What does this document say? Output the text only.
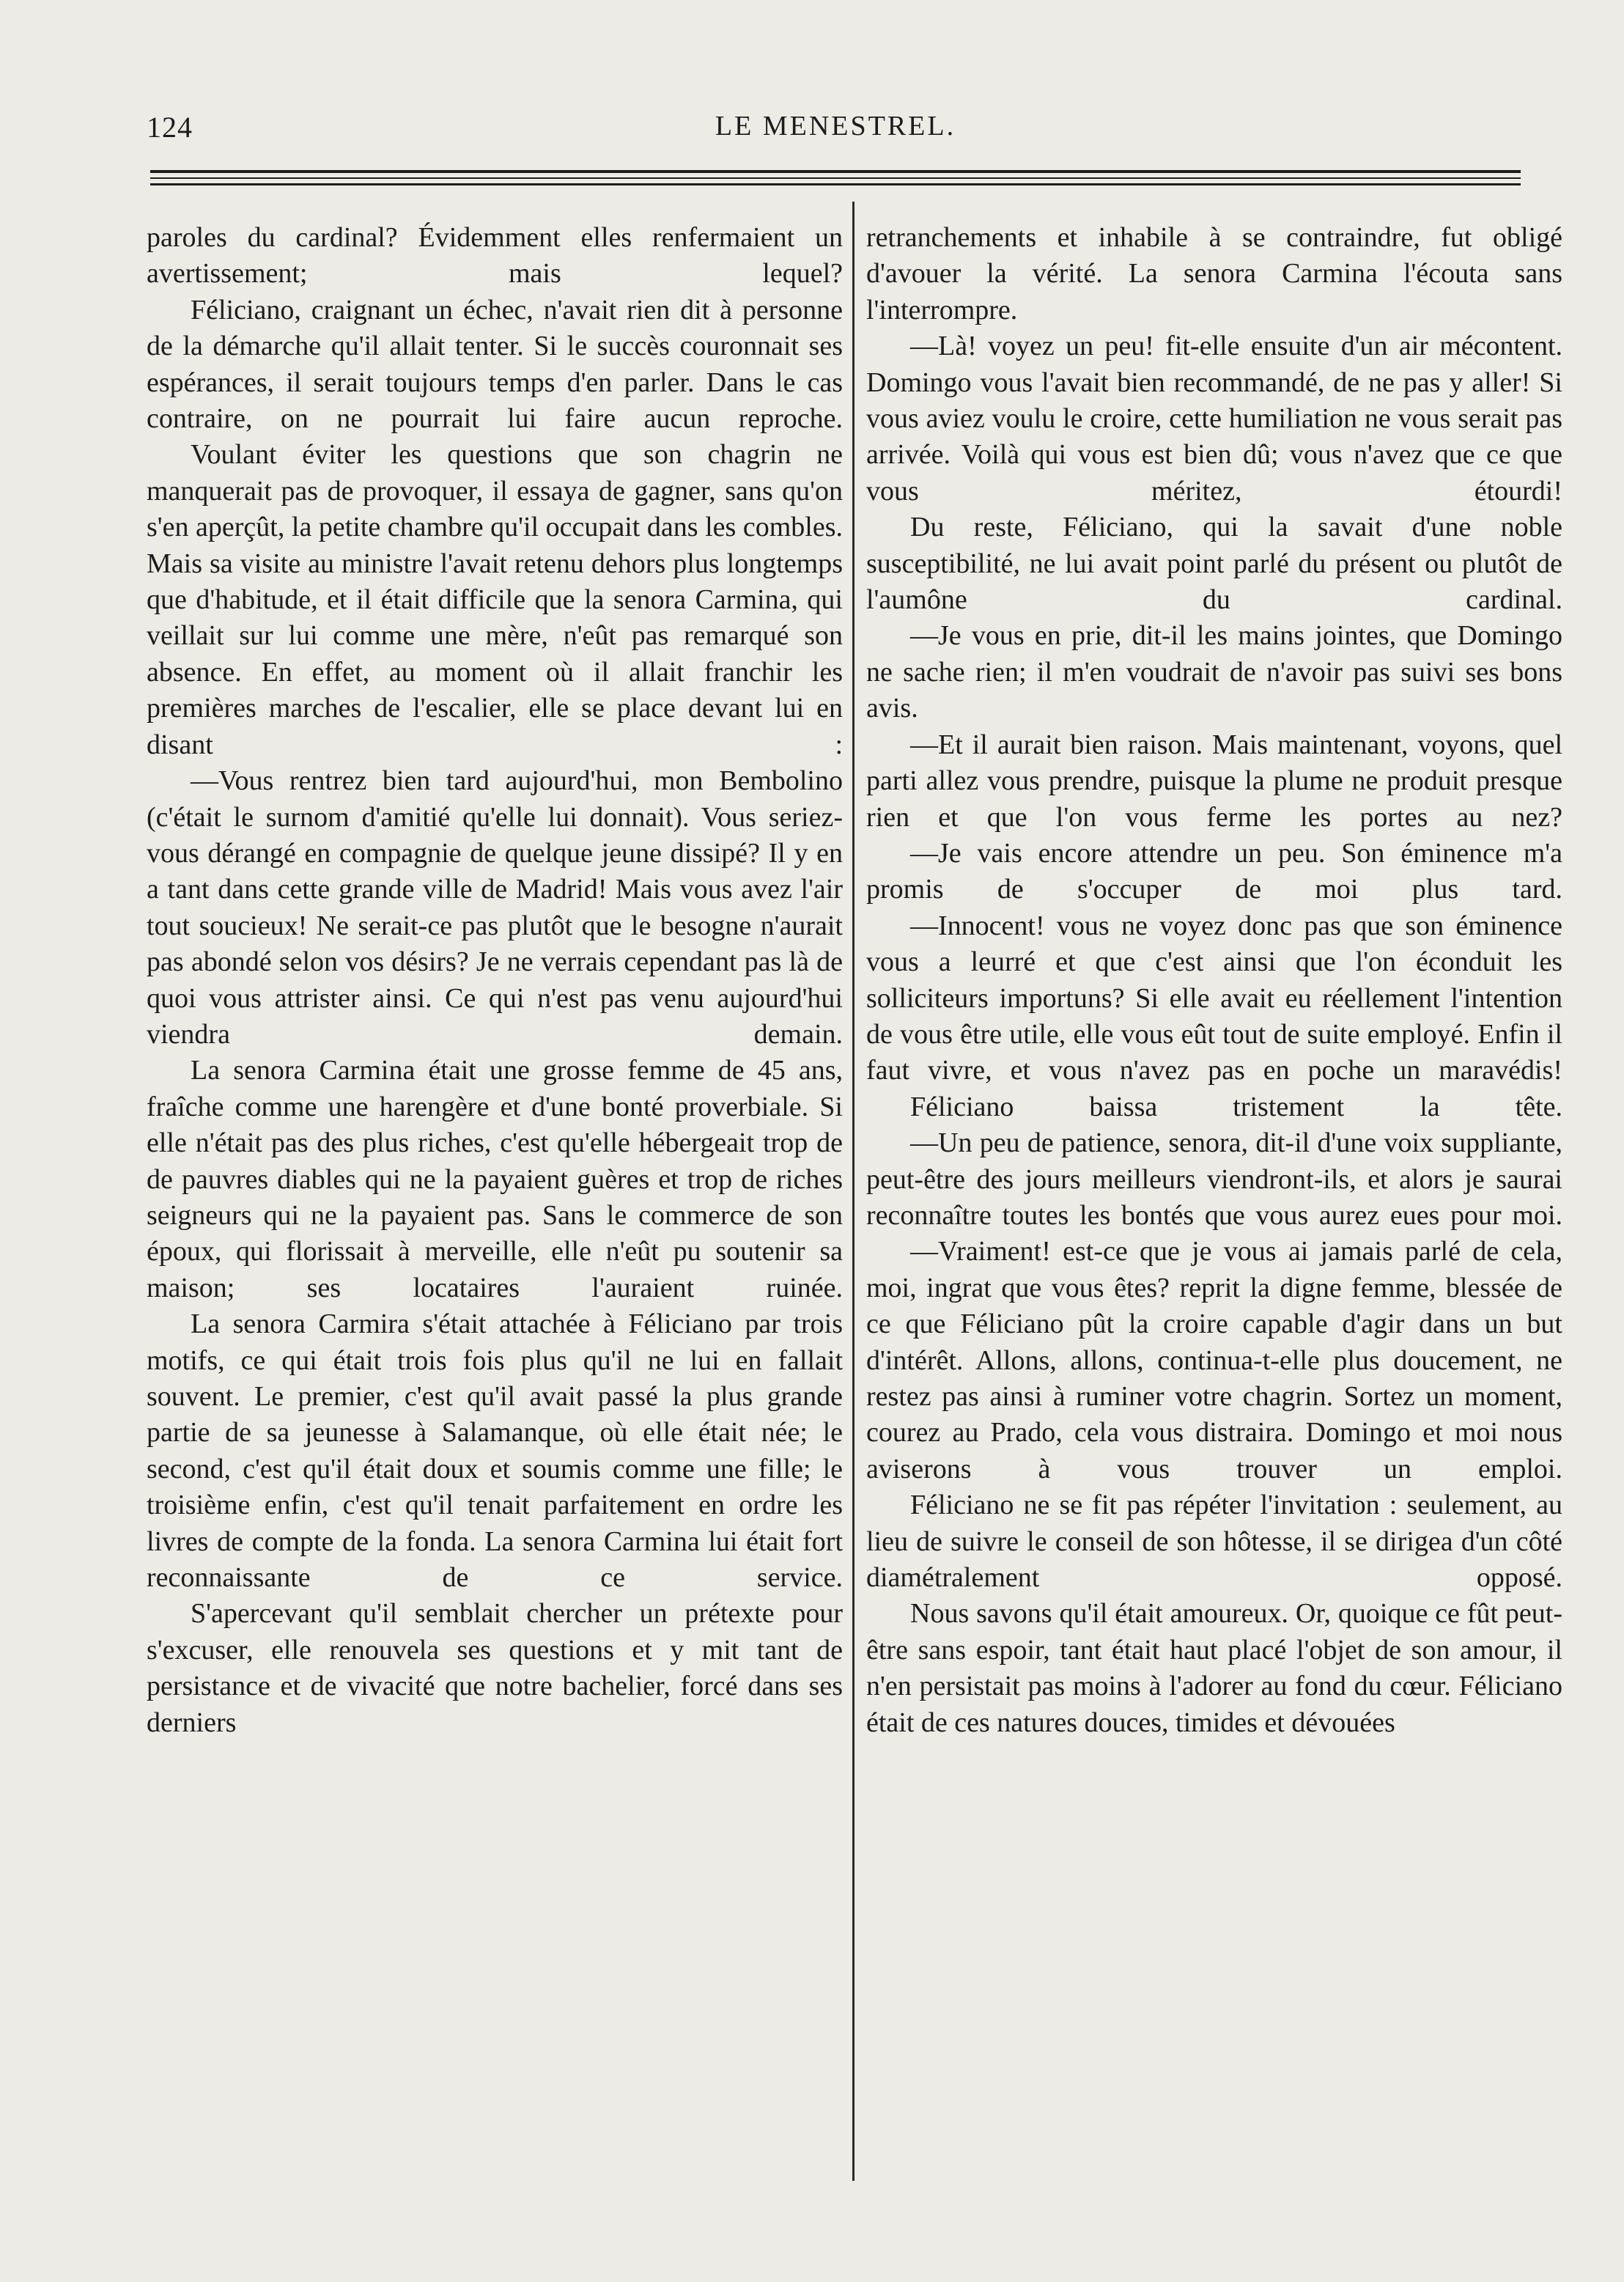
124	LE MENESTREL.

paroles du cardinal? Évidemment elles renfermaient un avertissement; mais lequel?

Féliciano, craignant un échec, n'avait rien dit à personne de la démarche qu'il allait tenter. Si le succès couronnait ses espérances, il serait toujours temps d'en parler. Dans le cas contraire, on ne pourrait lui faire aucun reproche.

Voulant éviter les questions que son chagrin ne manquerait pas de provoquer, il essaya de gagner, sans qu'on s'en aperçût, la petite chambre qu'il occupait dans les combles. Mais sa visite au ministre l'avait retenu dehors plus longtemps que d'habitude, et il était difficile que la senora Carmina, qui veillait sur lui comme une mère, n'eût pas remarqué son absence. En effet, au moment où il allait franchir les premières marches de l'escalier, elle se place devant lui en disant :

—Vous rentrez bien tard aujourd'hui, mon Bembolino (c'était le surnom d'amitié qu'elle lui donnait). Vous seriez-vous dérangé en compagnie de quelque jeune dissipé? Il y en a tant dans cette grande ville de Madrid! Mais vous avez l'air tout soucieux! Ne serait-ce pas plutôt que le besogne n'aurait pas abondé selon vos désirs? Je ne verrais cependant pas là de quoi vous attrister ainsi. Ce qui n'est pas venu aujourd'hui viendra demain.

La senora Carmina était une grosse femme de 45 ans, fraîche comme une harengère et d'une bonté proverbiale. Si elle n'était pas des plus riches, c'est qu'elle hébergeait trop de de pauvres diables qui ne la payaient guères et trop de riches seigneurs qui ne la payaient pas. Sans le commerce de son époux, qui florissait à merveille, elle n'eût pu soutenir sa maison; ses locataires l'auraient ruinée.

La senora Carmira s'était attachée à Féliciano par trois motifs, ce qui était trois fois plus qu'il ne lui en fallait souvent. Le premier, c'est qu'il avait passé la plus grande partie de sa jeunesse à Salamanque, où elle était née; le second, c'est qu'il était doux et soumis comme une fille; le troisième enfin, c'est qu'il tenait parfaitement en ordre les livres de compte de la fonda. La senora Carmina lui était fort reconnaissante de ce service.

S'apercevant qu'il semblait chercher un prétexte pour s'excuser, elle renouvela ses questions et y mit tant de persistance et de vivacité que notre bachelier, forcé dans ses derniers

retranchements et inhabile à se contraindre, fut obligé d'avouer la vérité. La senora Carmina l'écouta sans l'interrompre.

—Là! voyez un peu! fit-elle ensuite d'un air mécontent. Domingo vous l'avait bien recommandé, de ne pas y aller! Si vous aviez voulu le croire, cette humiliation ne vous serait pas arrivée. Voilà qui vous est bien dû; vous n'avez que ce que vous méritez, étourdi!

Du reste, Féliciano, qui la savait d'une noble susceptibilité, ne lui avait point parlé du présent ou plutôt de l'aumône du cardinal.

—Je vous en prie, dit-il les mains jointes, que Domingo ne sache rien; il m'en voudrait de n'avoir pas suivi ses bons avis.

—Et il aurait bien raison. Mais maintenant, voyons, quel parti allez vous prendre, puisque la plume ne produit presque rien et que l'on vous ferme les portes au nez?

—Je vais encore attendre un peu. Son éminence m'a promis de s'occuper de moi plus tard.

—Innocent! vous ne voyez donc pas que son éminence vous a leurré et que c'est ainsi que l'on éconduit les solliciteurs importuns? Si elle avait eu réellement l'intention de vous être utile, elle vous eût tout de suite employé. Enfin il faut vivre, et vous n'avez pas en poche un maravédis!

Féliciano baissa tristement la tête.

—Un peu de patience, senora, dit-il d'une voix suppliante, peut-être des jours meilleurs viendront-ils, et alors je saurai reconnaître toutes les bontés que vous aurez eues pour moi.

—Vraiment! est-ce que je vous ai jamais parlé de cela, moi, ingrat que vous êtes? reprit la digne femme, blessée de ce que Féliciano pût la croire capable d'agir dans un but d'intérêt. Allons, allons, continua-t-elle plus doucement, ne restez pas ainsi à ruminer votre chagrin. Sortez un moment, courez au Prado, cela vous distraira. Domingo et moi nous aviserons à vous trouver un emploi.

Féliciano ne se fit pas répéter l'invitation : seulement, au lieu de suivre le conseil de son hôtesse, il se dirigea d'un côté diamétralement opposé.

Nous savons qu'il était amoureux. Or, quoique ce fût peut-être sans espoir, tant était haut placé l'objet de son amour, il n'en persistait pas moins à l'adorer au fond du cœur. Féliciano était de ces natures douces, timides et dévouées
